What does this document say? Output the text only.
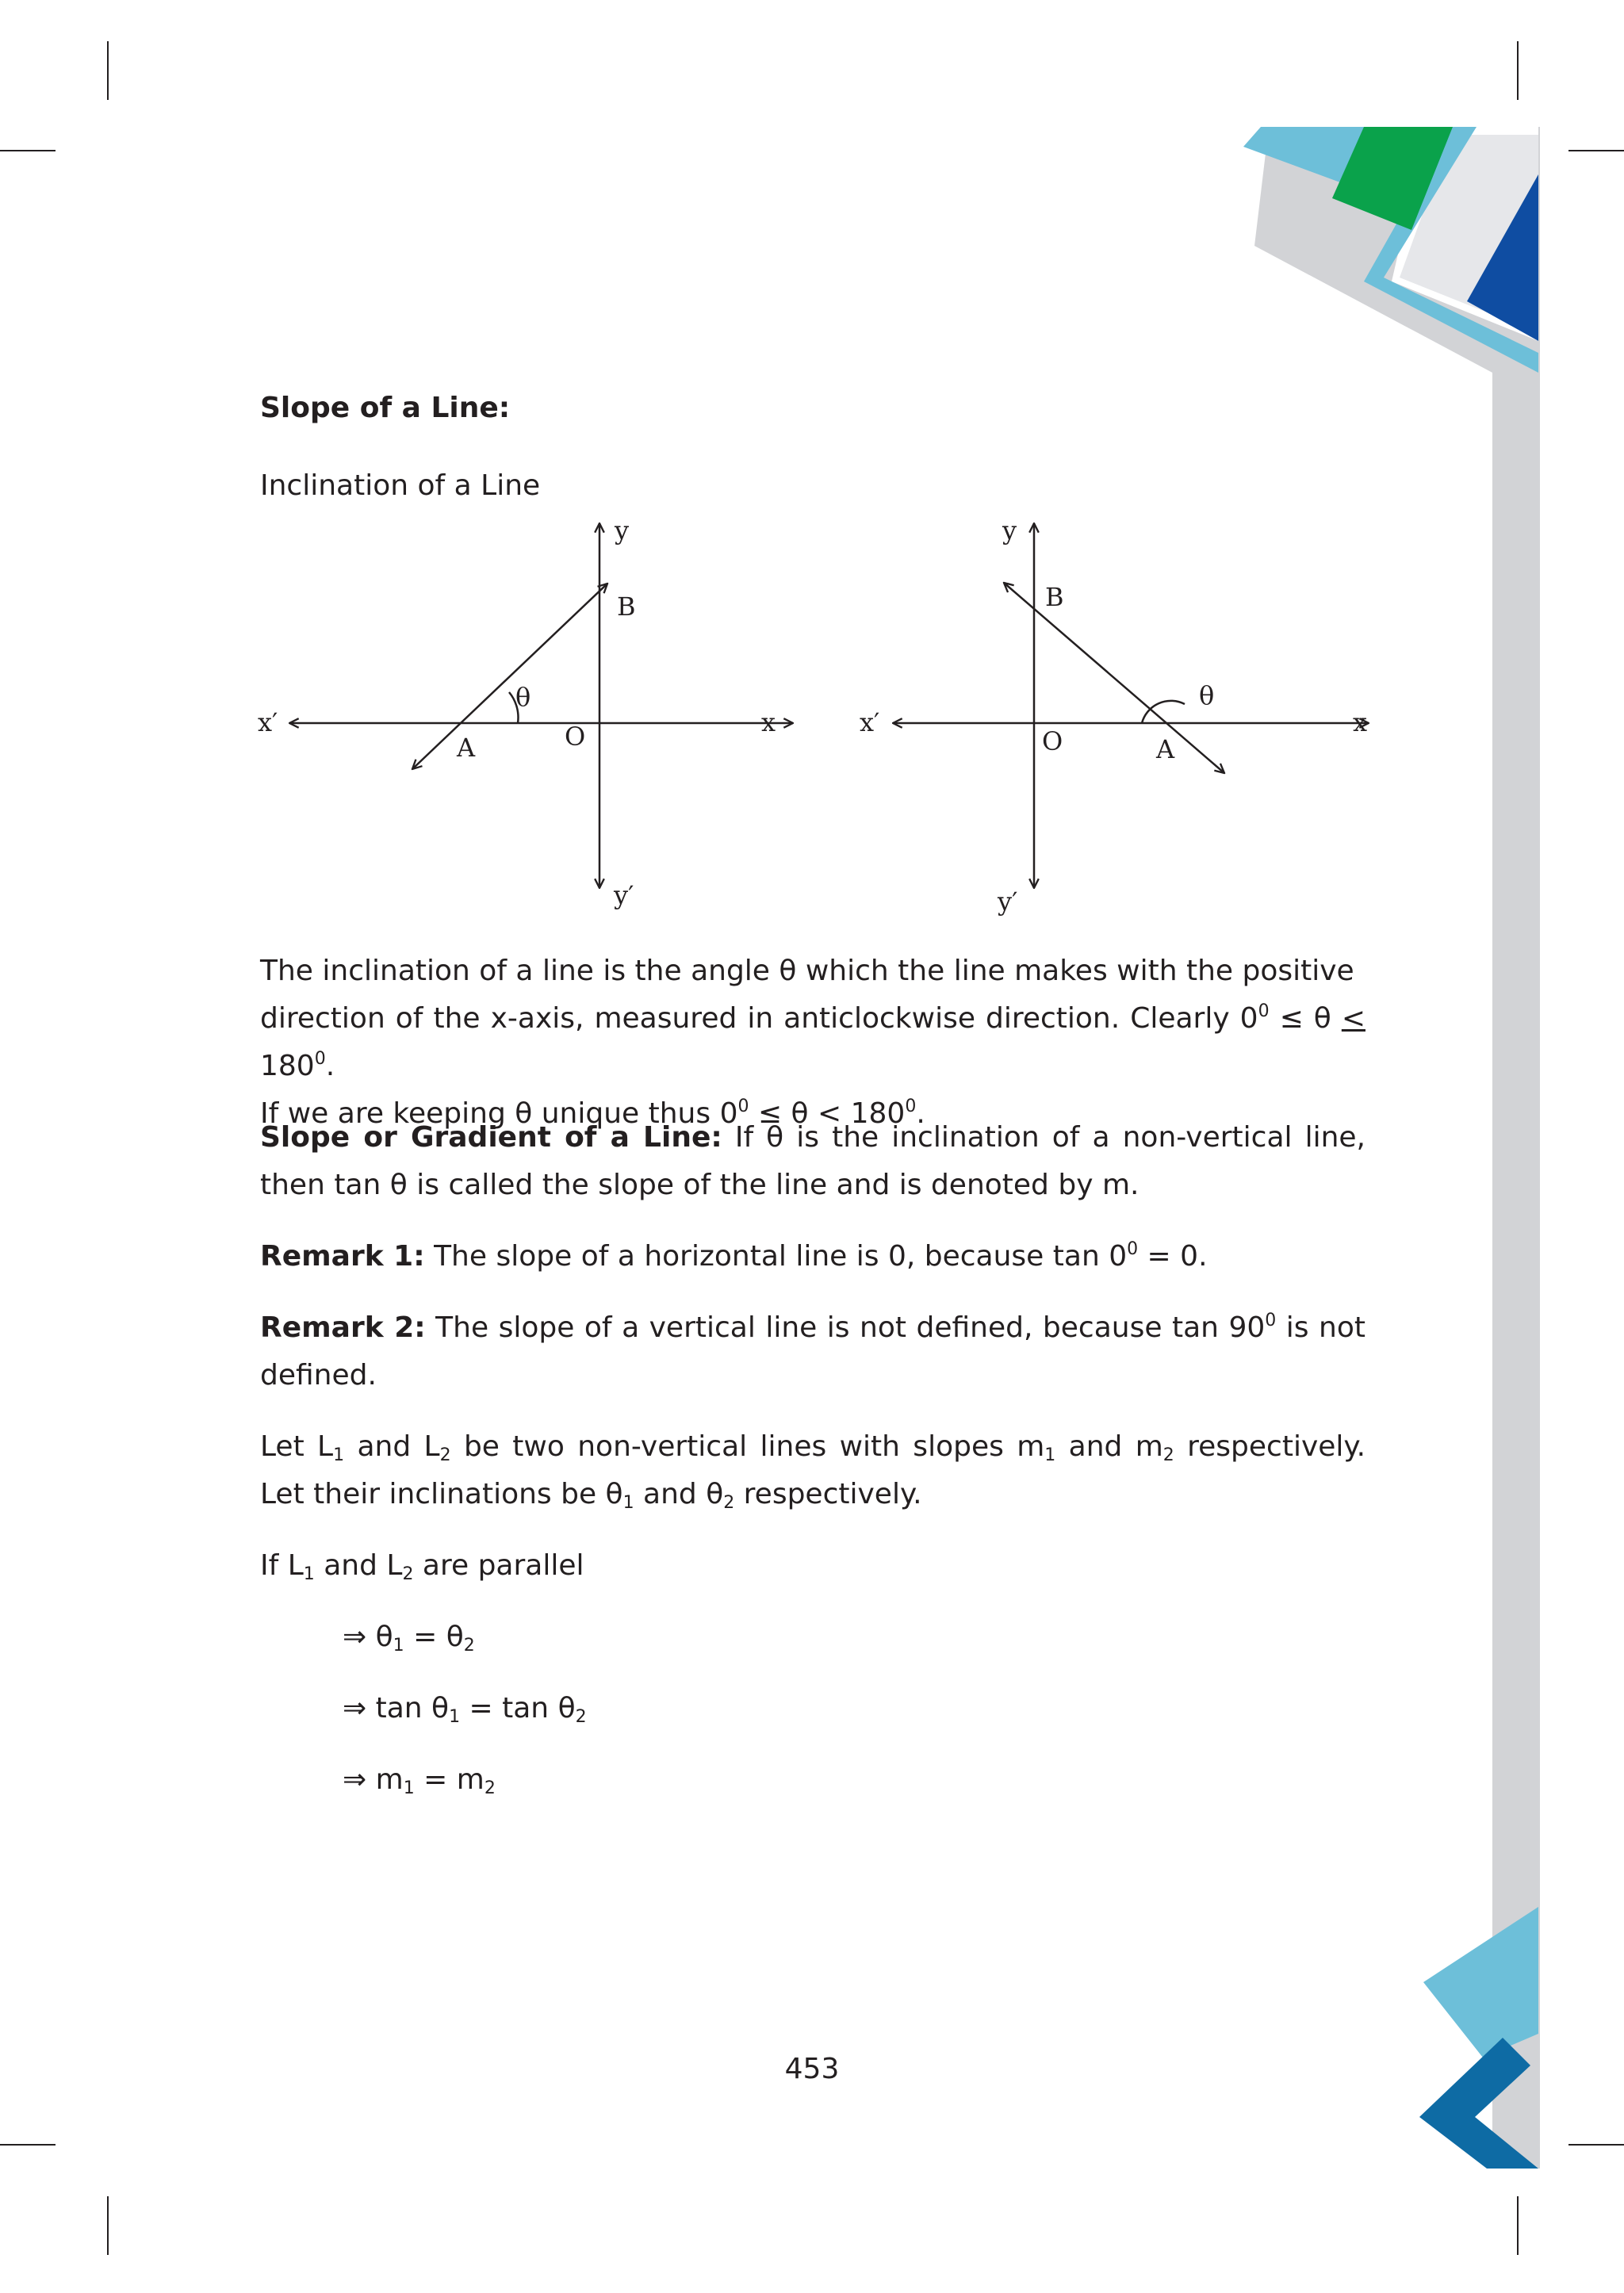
Slope of a Line:
Inclination of a Line
y
B
θ
x′	x
A	O
y′
y
B
θ
x′	x
O	A
y′
The inclination of a line is the angle θ which the line makes with the positive
direction of the x-axis, measured in anticlockwise direction. Clearly $0^0 \le \theta < 180^0$.
If we are keeping θ unique thus $0^0 \le \theta < 180^0$.
Slope or Gradient of a Line: If θ is the inclination of a non-vertical line, then tan θ is called the slope of the line and is denoted by m.
Remark 1: The slope of a horizontal line is 0, because $\tan 0^0 = 0$.
Remark 2: The slope of a vertical line is not defined, because $\tan 90^0$ is not defined.
Let $L_1$ and $L_2$ be two non-vertical lines with slopes $m_1$ and $m_2$ respectively. Let their inclinations be $\theta_1$ and $\theta_2$ respectively.
If $L_1$ and $L_2$ are parallel
⇒ $\theta_1 = \theta_2$
⇒ $\tan \theta_1 = \tan \theta_2$
⇒ $m_1 = m_2$
453
